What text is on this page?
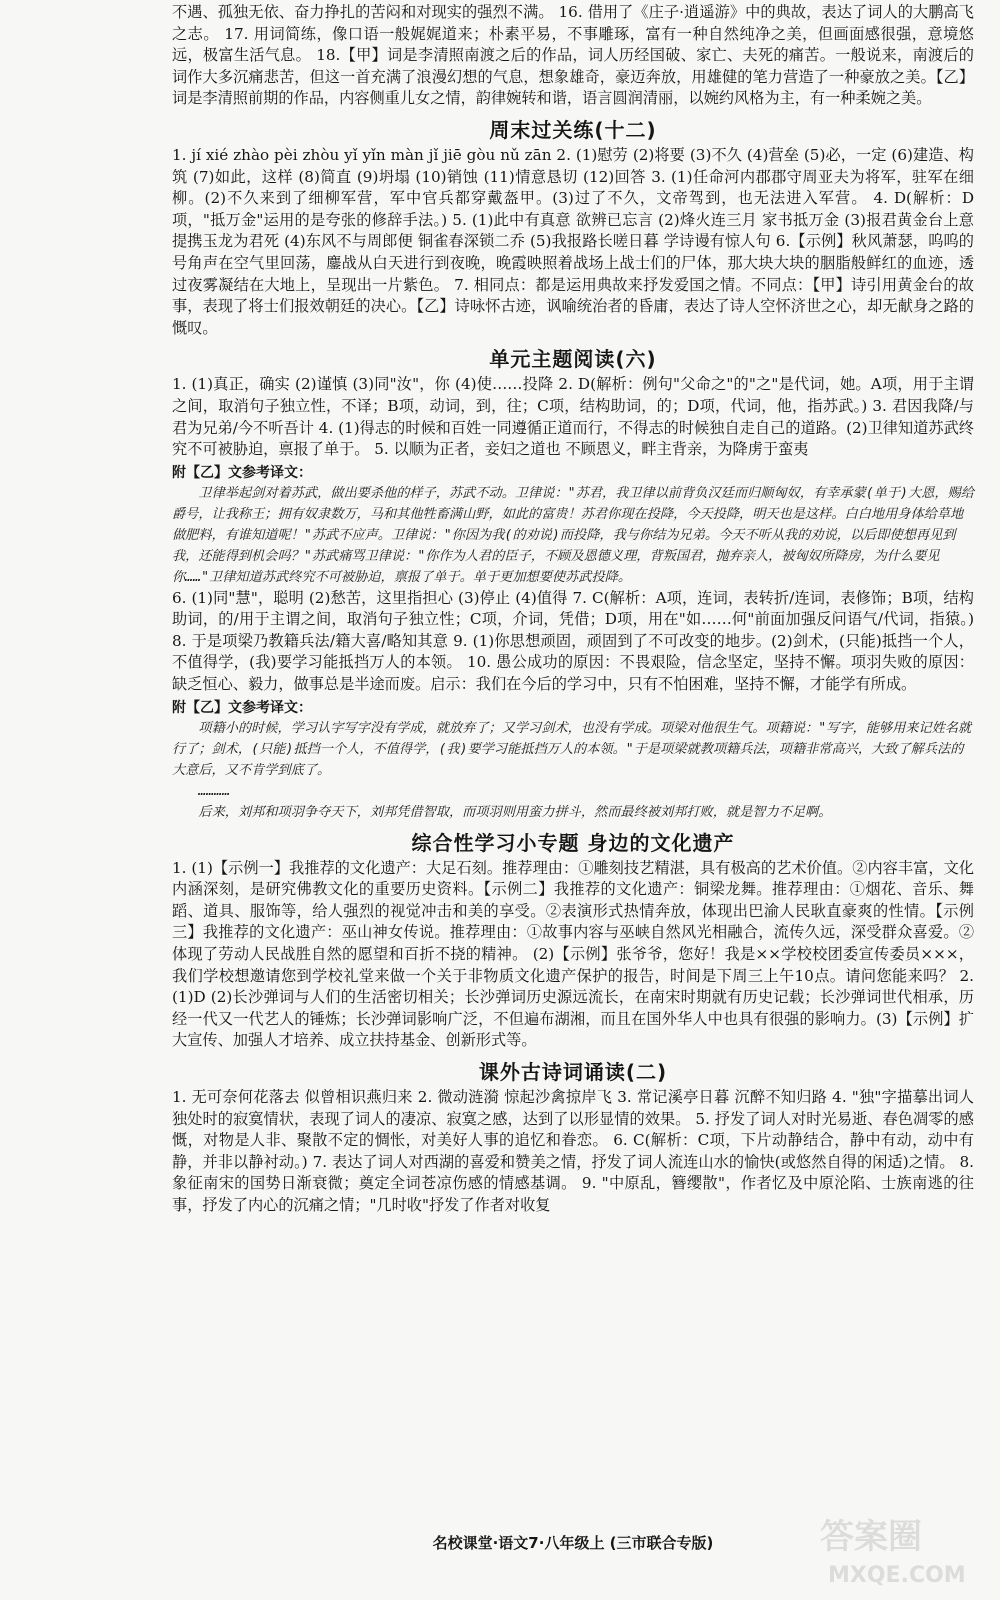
不遇、孤独无依、奋力挣扎的苦闷和对现实的强烈不满。 16. 借用了《庄子·逍遥游》中的典故，表达了词人的大鹏高飞之志。 17. 用词简练，像口语一般娓娓道来；朴素平易，不事雕琢，富有一种自然纯净之美，但画面感很强，意境悠远，极富生活气息。 18.【甲】词是李清照南渡之后的作品，词人历经国破、家亡、夫死的痛苦。一般说来，南渡后的词作大多沉痛悲苦，但这一首充满了浪漫幻想的气息，想象雄奇，豪迈奔放，用雄健的笔力营造了一种豪放之美。【乙】词是李清照前期的作品，内容侧重儿女之情，韵律婉转和谐，语言圆润清丽，以婉约风格为主，有一种柔婉之美。

周末过关练(十二)

1. jí xié zhào pèi zhòu yǐ yǐn màn jǐ jiē gòu nǔ zān 2. (1)慰劳 (2)将要 (3)不久 (4)营垒 (5)必，一定 (6)建造、构筑 (7)如此，这样 (8)简直 (9)坍塌 (10)销蚀 (11)情意恳切 (12)回答 3. (1)任命河内郡郡守周亚夫为将军，驻军在细柳。(2)不久来到了细柳军营，军中官兵都穿戴盔甲。(3)过了不久，文帝驾到，也无法进入军营。 4. D(解析：D项，"抵万金"运用的是夸张的修辞手法。) 5. (1)此中有真意 欲辨已忘言 (2)烽火连三月 家书抵万金 (3)报君黄金台上意 提携玉龙为君死 (4)东风不与周郎便 铜雀春深锁二乔 (5)我报路长嗟日暮 学诗谩有惊人句 6.【示例】秋风萧瑟，呜呜的号角声在空气里回荡，鏖战从白天进行到夜晚，晚霞映照着战场上战士们的尸体，那大块大块的胭脂般鲜红的血迹，透过夜雾凝结在大地上，呈现出一片紫色。 7. 相同点：都是运用典故来抒发爱国之情。不同点：【甲】诗引用黄金台的故事，表现了将士们报效朝廷的决心。【乙】诗咏怀古迹，讽喻统治者的昏庸，表达了诗人空怀济世之心，却无献身之路的慨叹。

单元主题阅读(六)

1. (1)真正，确实 (2)谨慎 (3)同"汝"，你 (4)使……投降 2. D(解析：例句"父命之"的"之"是代词，她。A项，用于主谓之间，取消句子独立性，不译；B项，动词，到，往；C项，结构助词，的；D项，代词，他，指苏武。) 3. 君因我降/与君为兄弟/今不听吾计 4. (1)得志的时候和百姓一同遵循正道而行，不得志的时候独自走自己的道路。(2)卫律知道苏武终究不可被胁迫，禀报了单于。 5. 以顺为正者，妾妇之道也 不顾恩义，畔主背亲，为降虏于蛮夷

附【乙】文参考译文：

卫律举起剑对着苏武，做出要杀他的样子，苏武不动。卫律说："苏君，我卫律以前背负汉廷而归顺匈奴，有幸承蒙(单于)大恩，赐给爵号，让我称王；拥有奴隶数万，马和其他牲畜满山野，如此的富贵！苏君你现在投降，今天投降，明天也是这样。白白地用身体给草地做肥料，有谁知道呢！"苏武不应声。卫律说："你因为我(的劝说)而投降，我与你结为兄弟。今天不听从我的劝说，以后即使想再见到我，还能得到机会吗？"苏武痛骂卫律说："你作为人君的臣子，不顾及恩德义理，背叛国君，抛弃亲人，被匈奴所降房，为什么要见你……"卫律知道苏武终究不可被胁迫，禀报了单于。单于更加想要使苏武投降。

6. (1)同"慧"，聪明 (2)愁苦，这里指担心 (3)停止 (4)值得 7. C(解析：A项，连词，表转折/连词，表修饰；B项，结构助词，的/用于主谓之间，取消句子独立性；C项，介词，凭借；D项，用在"如……何"前面加强反问语气/代词，指猿。) 8. 于是项梁乃教籍兵法/籍大喜/略知其意 9. (1)你思想顽固，顽固到了不可改变的地步。(2)剑术，(只能)抵挡一个人，不值得学，(我)要学习能抵挡万人的本领。 10. 愚公成功的原因：不畏艰险，信念坚定，坚持不懈。项羽失败的原因：缺乏恒心、毅力，做事总是半途而废。启示：我们在今后的学习中，只有不怕困难，坚持不懈，才能学有所成。

附【乙】文参考译文：

项籍小的时候，学习认字写字没有学成，就放弃了；又学习剑术，也没有学成。项梁对他很生气。项籍说："写字，能够用来记姓名就行了；剑术，(只能)抵挡一个人，不值得学，(我)要学习能抵挡万人的本领。"于是项梁就教项籍兵法，项籍非常高兴，大致了解兵法的大意后，又不肯学到底了。

…………

后来，刘邦和项羽争夺天下，刘邦凭借智取，而项羽则用蛮力拼斗，然而最终被刘邦打败，就是智力不足啊。

综合性学习小专题 身边的文化遗产

1. (1)【示例一】我推荐的文化遗产：大足石刻。推荐理由：①雕刻技艺精湛，具有极高的艺术价值。②内容丰富，文化内涵深刻，是研究佛教文化的重要历史资料。【示例二】我推荐的文化遗产：铜梁龙舞。推荐理由：①烟花、音乐、舞蹈、道具、服饰等，给人强烈的视觉冲击和美的享受。②表演形式热情奔放，体现出巴渝人民耿直豪爽的性情。【示例三】我推荐的文化遗产：巫山神女传说。推荐理由：①故事内容与巫峡自然风光相融合，流传久远，深受群众喜爱。②体现了劳动人民战胜自然的愿望和百折不挠的精神。 (2)【示例】张爷爷，您好！我是××学校校团委宣传委员×××，我们学校想邀请您到学校礼堂来做一个关于非物质文化遗产保护的报告，时间是下周三上午10点。请问您能来吗？ 2. (1)D (2)长沙弹词与人们的生活密切相关；长沙弹词历史源远流长，在南宋时期就有历史记载；长沙弹词世代相承，历经一代又一代艺人的锤炼；长沙弹词影响广泛，不但遍布湖湘，而且在国外华人中也具有很强的影响力。(3)【示例】扩大宣传、加强人才培养、成立扶持基金、创新形式等。

课外古诗词诵读(二)

1. 无可奈何花落去 似曾相识燕归来 2. 微动涟漪 惊起沙禽掠岸飞 3. 常记溪亭日暮 沉醉不知归路 4. "独"字描摹出词人独处时的寂寞情状，表现了词人的凄凉、寂寞之感，达到了以形显情的效果。 5. 抒发了词人对时光易逝、春色凋零的感慨，对物是人非、聚散不定的惆怅，对美好人事的追忆和眷恋。 6. C(解析：C项，下片动静结合，静中有动，动中有静，并非以静衬动。) 7. 表达了词人对西湖的喜爱和赞美之情，抒发了词人流连山水的愉快(或悠然自得的闲适)之情。 8. 象征南宋的国势日渐衰微；奠定全词苍凉伤感的情感基调。 9. "中原乱，簪缨散"，作者忆及中原沦陷、士族南逃的往事，抒发了内心的沉痛之情；"几时收"抒发了作者对收复

名校课堂·语文7·八年级上 (三市联合专版)	答案圈
MXQE.COM
